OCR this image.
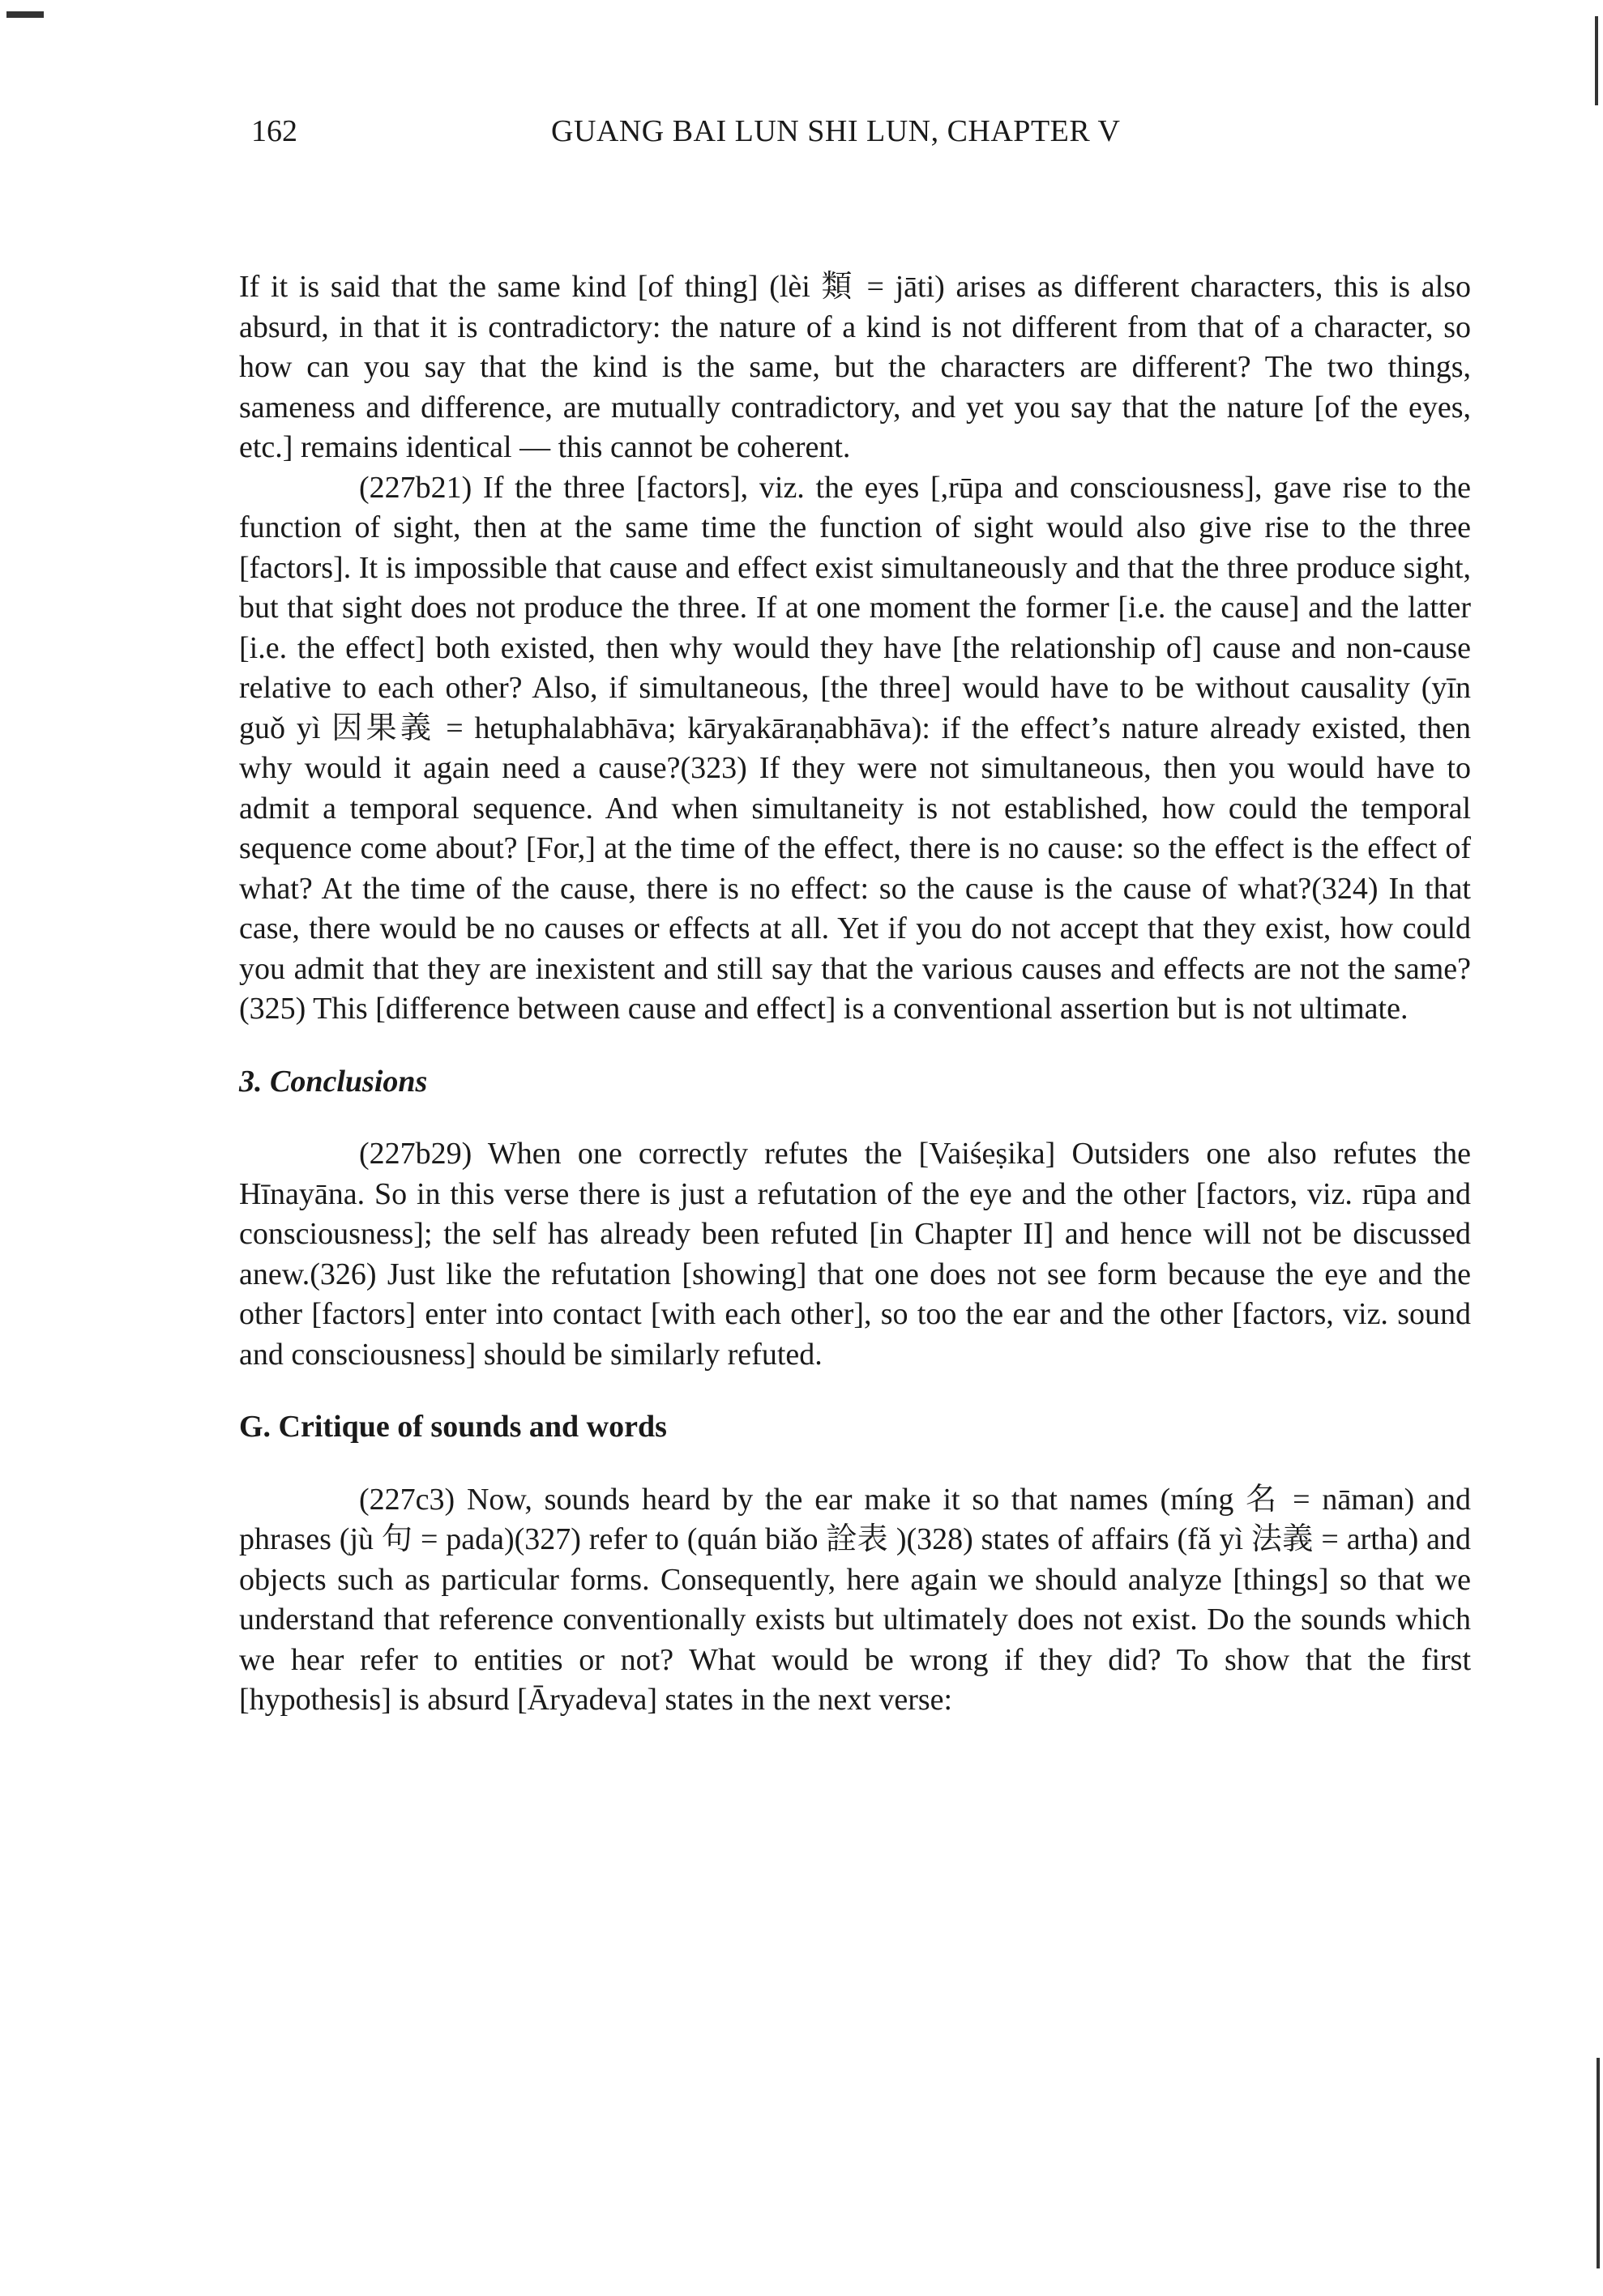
162	GUANG BAI LUN SHI LUN, CHAPTER V

If it is said that the same kind [of thing] (lèi 類 = jāti) arises as different characters, this is also absurd, in that it is contradictory: the nature of a kind is not different from that of a character, so how can you say that the kind is the same, but the characters are different? The two things, sameness and difference, are mutually contradictory, and yet you say that the nature [of the eyes, etc.] remains identical — this cannot be coherent.

(227b21) If the three [factors], viz. the eyes [,rūpa and consciousness], gave rise to the function of sight, then at the same time the function of sight would also give rise to the three [factors]. It is impossible that cause and effect exist simultaneously and that the three produce sight, but that sight does not produce the three. If at one moment the former [i.e. the cause] and the latter [i.e. the effect] both existed, then why would they have [the relationship of] cause and non-cause relative to each other? Also, if simultaneous, [the three] would have to be without causality (yīn guǒ yì 因果義 = hetuphalabhāva; kāryakāraṇabhāva): if the effect’s nature already existed, then why would it again need a cause?(323) If they were not simultaneous, then you would have to admit a temporal sequence. And when simultaneity is not established, how could the temporal sequence come about? [For,] at the time of the effect, there is no cause: so the effect is the effect of what? At the time of the cause, there is no effect: so the cause is the cause of what?(324) In that case, there would be no causes or effects at all. Yet if you do not accept that they exist, how could you admit that they are inexistent and still say that the various causes and effects are not the same?(325) This [difference between cause and effect] is a conventional assertion but is not ultimate.

3. Conclusions

(227b29) When one correctly refutes the [Vaiśeṣika] Outsiders one also refutes the Hīnayāna. So in this verse there is just a refutation of the eye and the other [factors, viz. rūpa and consciousness]; the self has already been refuted [in Chapter II] and hence will not be discussed anew.(326) Just like the refutation [showing] that one does not see form because the eye and the other [factors] enter into contact [with each other], so too the ear and the other [factors, viz. sound and consciousness] should be similarly refuted.

G. Critique of sounds and words

(227c3) Now, sounds heard by the ear make it so that names (míng 名 = nāman) and phrases (jù 句 = pada)(327) refer to (quán biǎo 詮表 )(328) states of affairs (fǎ yì 法義 = artha) and objects such as particular forms. Consequently, here again we should analyze [things] so that we understand that reference conventionally exists but ultimately does not exist. Do the sounds which we hear refer to entities or not? What would be wrong if they did? To show that the first [hypothesis] is absurd [Āryadeva] states in the next verse:
